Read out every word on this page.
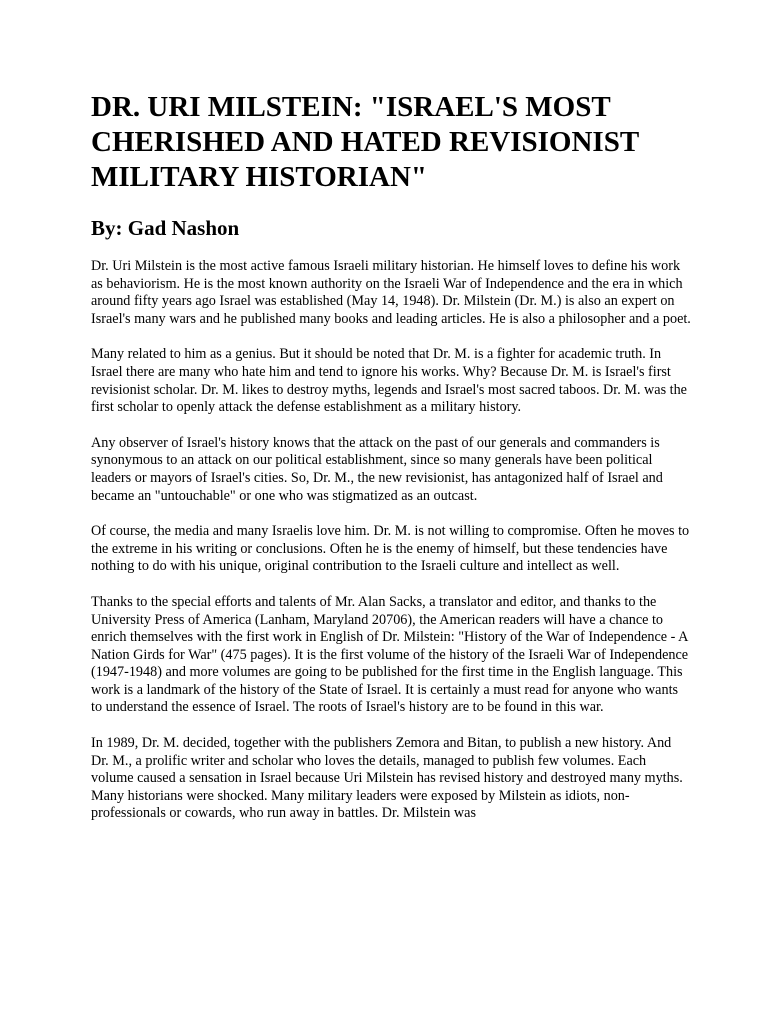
DR. URI MILSTEIN: "ISRAEL'S MOST CHERISHED AND HATED REVISIONIST MILITARY HISTORIAN"
By: Gad Nashon

Dr. Uri Milstein is the most active famous Israeli military historian. He himself loves to define his work as behaviorism. He is the most known authority on the Israeli War of Independence and the era in which around fifty years ago Israel was established (May 14, 1948). Dr. Milstein (Dr. M.) is also an expert on Israel's many wars and he published many books and leading articles. He is also a philosopher and a poet.

Many related to him as a genius. But it should be noted that Dr. M. is a fighter for academic truth. In Israel there are many who hate him and tend to ignore his works. Why? Because Dr. M. is Israel's first revisionist scholar. Dr. M. likes to destroy myths, legends and Israel's most sacred taboos. Dr. M. was the first scholar to openly attack the defense establishment as a military history.

Any observer of Israel's history knows that the attack on the past of our generals and commanders is synonymous to an attack on our political establishment, since so many generals have been political leaders or mayors of Israel's cities. So, Dr. M., the new revisionist, has antagonized half of Israel and became an "untouchable" or one who was stigmatized as an outcast.

Of course, the media and many Israelis love him. Dr. M. is not willing to compromise. Often he moves to the extreme in his writing or conclusions. Often he is the enemy of himself, but these tendencies have nothing to do with his unique, original contribution to the Israeli culture and intellect as well.

Thanks to the special efforts and talents of Mr. Alan Sacks, a translator and editor, and thanks to the University Press of America (Lanham, Maryland 20706), the American readers will have a chance to enrich themselves with the first work in English of Dr. Milstein: "History of the War of Independence - A Nation Girds for War" (475 pages). It is the first volume of the history of the Israeli War of Independence (1947-1948) and more volumes are going to be published for the first time in the English language. This work is a landmark of the history of the State of Israel. It is certainly a must read for anyone who wants to understand the essence of Israel. The roots of Israel's history are to be found in this war.

In 1989, Dr. M. decided, together with the publishers Zemora and Bitan, to publish a new history. And Dr. M., a prolific writer and scholar who loves the details, managed to publish few volumes. Each volume caused a sensation in Israel because Uri Milstein has revised history and destroyed many myths. Many historians were shocked. Many military leaders were exposed by Milstein as idiots, non- professionals or cowards, who run away in battles. Dr. Milstein was
